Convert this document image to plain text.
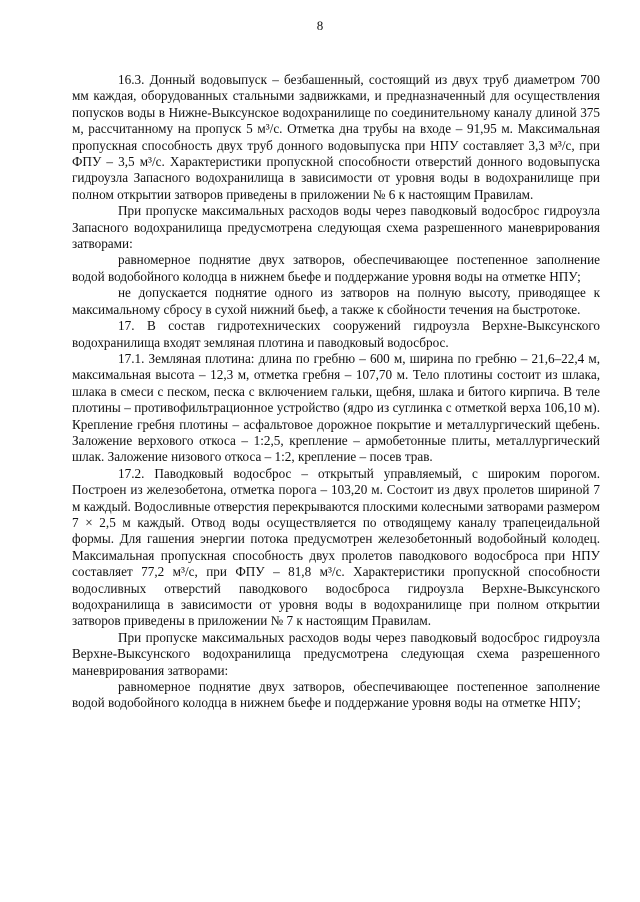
8

16.3. Донный водовыпуск – безбашенный, состоящий из двух труб диаметром 700 мм каждая, оборудованных стальными задвижками, и предназначенный для осуществления попусков воды в Нижне-Выксунское водохранилище по соединительному каналу длиной 375 м, рассчитанному на пропуск 5 м³/с. Отметка дна трубы на входе – 91,95 м. Максимальная пропускная способность двух труб донного водовыпуска при НПУ составляет 3,3 м³/с, при ФПУ – 3,5 м³/с. Характеристики пропускной способности отверстий донного водовыпуска гидроузла Запасного водохранилища в зависимости от уровня воды в водохранилище при полном открытии затворов приведены в приложении № 6 к настоящим Правилам.

При пропуске максимальных расходов воды через паводковый водосброс гидроузла Запасного водохранилища предусмотрена следующая схема разрешенного маневрирования затворами:

равномерное поднятие двух затворов, обеспечивающее постепенное заполнение водой водобойного колодца в нижнем бьефе и поддержание уровня воды на отметке НПУ;

не допускается поднятие одного из затворов на полную высоту, приводящее к максимальному сбросу в сухой нижний бьеф, а также к сбойности течения на быстротоке.

17. В состав гидротехнических сооружений гидроузла Верхне-Выксунского водохранилища входят земляная плотина и паводковый водосброс.

17.1. Земляная плотина: длина по гребню – 600 м, ширина по гребню – 21,6–22,4 м, максимальная высота – 12,3 м, отметка гребня – 107,70 м. Тело плотины состоит из шлака, шлака в смеси с песком, песка с включением гальки, щебня, шлака и битого кирпича. В теле плотины – противофильтрационное устройство (ядро из суглинка с отметкой верха 106,10 м). Крепление гребня плотины – асфальтовое дорожное покрытие и металлургический щебень. Заложение верхового откоса – 1:2,5, крепление – армобетонные плиты, металлургический шлак. Заложение низового откоса – 1:2, крепление – посев трав.

17.2. Паводковый водосброс – открытый управляемый, с широким порогом. Построен из железобетона, отметка порога – 103,20 м. Состоит из двух пролетов шириной 7 м каждый. Водосливные отверстия перекрываются плоскими колесными затворами размером 7 × 2,5 м каждый. Отвод воды осуществляется по отводящему каналу трапецеидальной формы. Для гашения энергии потока предусмотрен железобетонный водобойный колодец. Максимальная пропускная способность двух пролетов паводкового водосброса при НПУ составляет 77,2 м³/с, при ФПУ – 81,8 м³/с. Характеристики пропускной способности водосливных отверстий паводкового водосброса гидроузла Верхне-Выксунского водохранилища в зависимости от уровня воды в водохранилище при полном открытии затворов приведены в приложении № 7 к настоящим Правилам.

При пропуске максимальных расходов воды через паводковый водосброс гидроузла Верхне-Выксунского водохранилища предусмотрена следующая схема разрешенного маневрирования затворами:

равномерное поднятие двух затворов, обеспечивающее постепенное заполнение водой водобойного колодца в нижнем бьефе и поддержание уровня воды на отметке НПУ;
